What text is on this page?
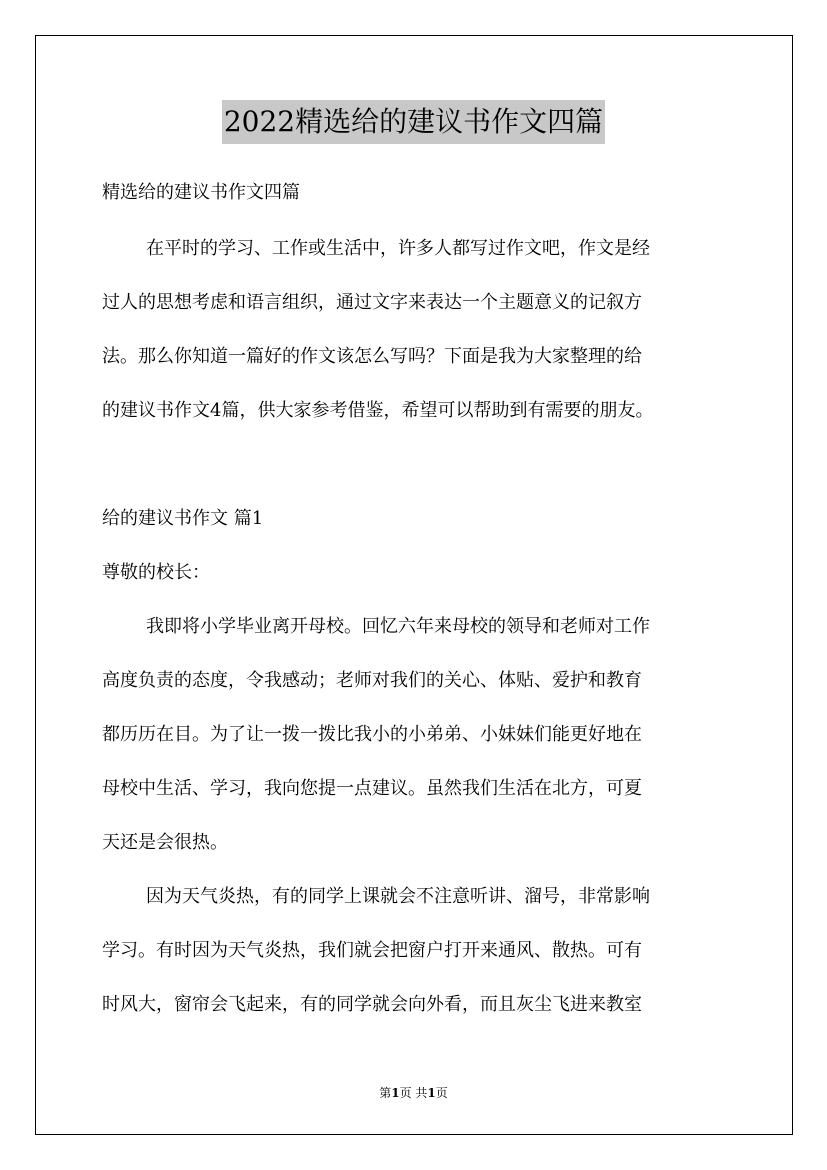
2022精选给的建议书作文四篇

精选给的建议书作文四篇

在平时的学习、工作或生活中，许多人都写过作文吧，作文是经

过人的思想考虑和语言组织，通过文字来表达一个主题意义的记叙方

法。那么你知道一篇好的作文该怎么写吗？下面是我为大家整理的给

的建议书作文4篇，供大家参考借鉴，希望可以帮助到有需要的朋友。

给的建议书作文 篇1

尊敬的校长：

我即将小学毕业离开母校。回忆六年来母校的领导和老师对工作

高度负责的态度，令我感动；老师对我们的关心、体贴、爱护和教育

都历历在目。为了让一拨一拨比我小的小弟弟、小妹妹们能更好地在

母校中生活、学习，我向您提一点建议。虽然我们生活在北方，可夏

天还是会很热。

因为天气炎热，有的同学上课就会不注意听讲、溜号，非常影响

学习。有时因为天气炎热，我们就会把窗户打开来通风、散热。可有

时风大，窗帘会飞起来，有的同学就会向外看，而且灰尘飞进来教室

第1页 共1页
